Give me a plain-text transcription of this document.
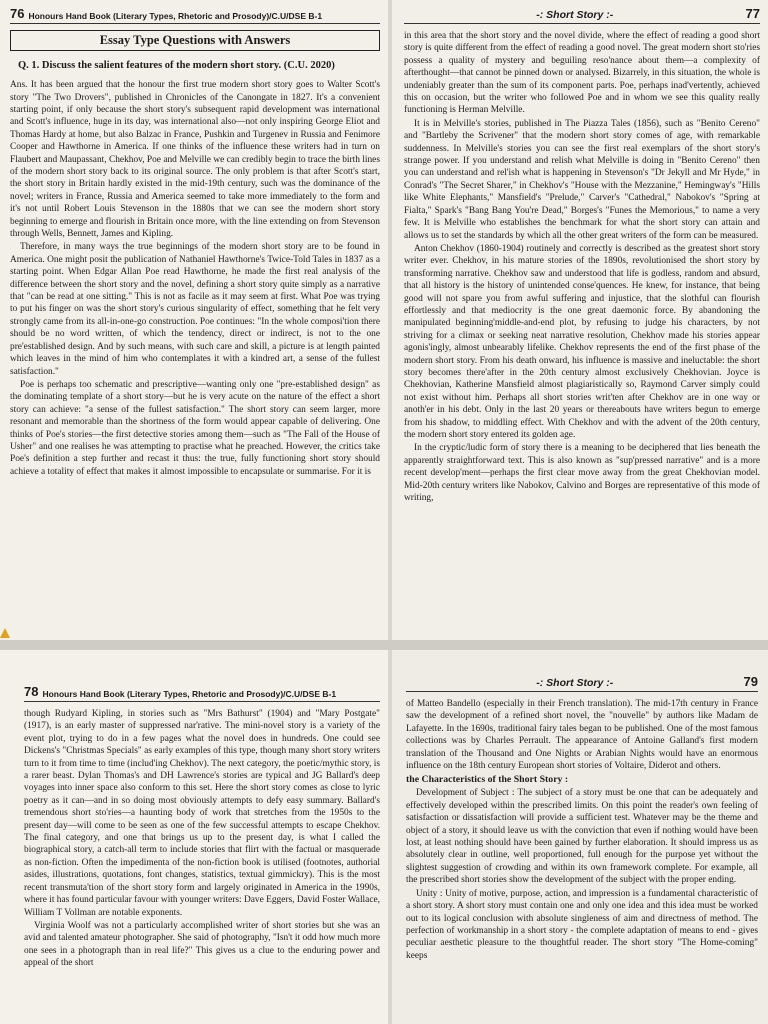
76 Honours Hand Book (Literary Types, Rhetoric and Prosody)/C.U/DSE B-1
Essay Type Questions with Answers
Q. 1. Discuss the salient features of the modern short story. (C.U. 2020)

Ans. It has been argued that the honour the first true modern short story goes to Walter Scott's story "The Two Drovers", published in Chronicles of the Canongate in 1827. It's a convenient starting point, if only because the short story's subsequent rapid development was international and Scott's influence, huge in its day, was international also—not only inspiring George Eliot and Thomas Hardy at home, but also Balzac in France, Pushkin and Turgenev in Russia and Fenimore Cooper and Hawthorne in America. If one thinks of the influence these writers had in turn on Flaubert and Maupassant, Chekhov, Poe and Melville we can credibly begin to trace the birth lines of the modern short story back to its original source. The only problem is that after Scott's start, the short story in Britain hardly existed in the mid-19th century, such was the dominance of the novel; writers in France, Russia and America seemed to take more immediately to the form and it's not until Robert Louis Stevenson in the 1880s that we can see the modern short story beginning to emerge and flourish in Britain once more, with the line extending on from Stevenson through Wells, Bennett, James and Kipling.

Therefore, in many ways the true beginnings of the modern short story are to be found in America. One might posit the publication of Nathaniel Hawthorne's Twice-Told Tales in 1837 as a starting point. When Edgar Allan Poe read Hawthorne, he made the first real analysis of the difference between the short story and the novel, defining a short story quite simply as a narrative that "can be read at one sitting." This is not as facile as it may seem at first. What Poe was trying to put his finger on was the short story's curious singularity of effect, something that he felt very strongly came from its all-in-one-go construction. Poe continues: "In the whole composi'tion there should be no word written, of which the tendency, direct or indirect, is not to the one pre'established design. And by such means, with such care and skill, a picture is at length painted which leaves in the mind of him who contemplates it with a kindred art, a sense of the fullest satisfaction."

Poe is perhaps too schematic and prescriptive—wanting only one "pre-established design" as the dominating template of a short story—but he is very acute on the nature of the effect a short story can achieve: "a sense of the fullest satisfaction." The short story can seem larger, more resonant and memorable than the shortness of the form would appear capable of delivering. One thinks of Poe's stories—the first detective stories among them—such as "The Fall of the House of Usher" and one realises he was attempting to practise what he preached. However, the critics take Poe's definition a step further and recast it thus: the true, fully functioning short story should achieve a totality of effect that makes it almost impossible to encapsulate or summarise. For it is

-: Short Story :-	77

in this area that the short story and the novel divide, where the effect of reading a good short story is quite different from the effect of reading a good novel. The great modern short sto'ries possess a quality of mystery and beguiling reso'nance about them—a complexity of afterthought—that cannot be pinned down or analysed. Bizarrely, in this situation, the whole is undeniably greater than the sum of its component parts. Poe, perhaps inad'vertently, achieved this on occasion, but the writer who followed Poe and in whom we see this quality really functioning is Herman Melville.

It is in Melville's stories, published in The Piazza Tales (1856), such as "Benito Cereno" and "Bartleby the Scrivener" that the modern short story comes of age, with remarkable suddenness. In Melville's stories you can see the first real exemplars of the short story's strange power. If you understand and relish what Melville is doing in "Benito Cereno" then you can understand and rel'ish what is happening in Stevenson's "Dr Jekyll and Mr Hyde," in Conrad's "The Secret Sharer," in Chekhov's "House with the Mezzanine," Hemingway's "Hills like White Elephants," Mansfield's "Prelude," Carver's "Cathedral," Nabokov's "Spring at Fialta," Spark's "Bang Bang You're Dead," Borges's "Funes the Memorious," to name a very few. It is Melville who establishes the benchmark for what the short story can attain and allows us to set the standards by which all the other great writers of the form can be measured.

Anton Chekhov (1860-1904) routinely and correctly is described as the greatest short story writer ever. Chekhov, in his mature stories of the 1890s, revolutionised the short story by transforming narrative. Chekhov saw and understood that life is godless, random and absurd, that all history is the history of unintended conse'quences. He knew, for instance, that being good will not spare you from awful suffering and injustice, that the slothful can flourish effortlessly and that mediocrity is the one great daemonic force. By abandoning the manipulated beginning'middle-and-end plot, by refusing to judge his characters, by not striving for a climax or seeking neat narrative resolution, Chekhov made his stories appear agonis'ingly, almost unbearably lifelike. Chekhov represents the end of the first phase of the modern short story. From his death onward, his influence is massive and ineluctable: the short story becomes there'after in the 20th century almost exclusively Chekhovian. Joyce is Chekhovian, Katherine Mansfield almost plagiaristically so, Raymond Carver simply could not exist without him. Perhaps all short stories writ'ten after Chekhov are in one way or anoth'er in his debt. Only in the last 20 years or thereabouts have writers begun to emerge from his shadow, to middling effect. With Chekhov and with the advent of the 20th century, the modern short story entered its golden age.

In the cryptic/ludic form of story there is a meaning to be deciphered that lies beneath the apparently straightforward text. This is also known as "sup'pressed narrative" and is a more recent develop'ment—perhaps the first clear move away from the great Chekhovian model. Mid-20th century writers like Nabokov, Calvino and Borges are representative of this mode of writing,

78 Honours Hand Book (Literary Types, Rhetoric and Prosody)/C.U/DSE B-1

though Rudyard Kipling, in stories such as "Mrs Bathurst" (1904) and "Mary Postgate" (1917), is an early master of suppressed nar'rative. The mini-novel story is a variety of the event plot, trying to do in a few pages what the novel does in hundreds. One could see Dickens's "Christmas Specials" as early examples of this type, though many short story writers turn to it from time to time (includ'ing Chekhov). The next category, the poetic/mythic story, is a rarer beast. Dylan Thomas's and DH Lawrence's stories are typical and JG Ballard's deep voyages into inner space also conform to this set. Here the short story comes as close to lyric poetry as it can—and in so doing most obviously attempts to defy easy summary. Ballard's tremendous short sto'ries—a haunting body of work that stretches from the 1950s to the present day—will come to be seen as one of the few successful attempts to escape Chekhov. The final category, and one that brings us up to the present day, is what I called the biographical story, a catch-all term to include stories that flirt with the factual or masquerade as non-fiction. Often the impedimenta of the non-fiction book is utilised (footnotes, authorial asides, illustrations, quotations, font changes, statistics, textual gimmickry). This is the most recent transmuta'tion of the short story form and largely originated in America in the 1990s, where it has found particular favour with younger writers: Dave Eggers, David Foster Wallace, William T Vollman are notable exponents.

Virginia Woolf was not a particularly accomplished writer of short stories but she was an avid and talented amateur photographer. She said of photography, "Isn't it odd how much more one sees in a photograph than in real life?" This gives us a clue to the enduring power and appeal of the short

-: Short Story :-	79

of Matteo Bandello (especially in their French translation). The mid-17th century in France saw the development of a refined short novel, the "nouvelle" by authors like Madam de Lafayette. In the 1690s, traditional fairy tales began to be published. One of the most famous collections was by Charles Perrault. The appearance of Antoine Galland's first modern translation of the Thousand and One Nights or Arabian Nights would have an enormous influence on the 18th century European short stories of Voltaire, Diderot and others.

the Characteristics of the Short Story :

Development of Subject : The subject of a story must be one that can be adequately and effectively developed within the prescribed limits. On this point the reader's own feeling of satisfaction or dissatisfaction will provide a sufficient test. Whatever may be the theme and object of a story, it should leave us with the conviction that even if nothing would have been lost, at least nothing should have been gained by further elaboration. It should impress us as absolutely clear in outline, well proportioned, full enough for the purpose yet without the slightest suggestion of crowding and within its own framework complete. For example, all the prescribed short stories show the development of the subject with the proper ending.

Unity : Unity of motive, purpose, action, and impression is a fundamental characteristic of a short story. A short story must contain one and only one idea and this idea must be worked out to its logical conclusion with absolute singleness of aim and directness of method. The perfection of workmanship in a short story - the complete adaptation of means to end - gives peculiar aesthetic pleasure to the thoughtful reader. The short story "The Home-coming" keeps
